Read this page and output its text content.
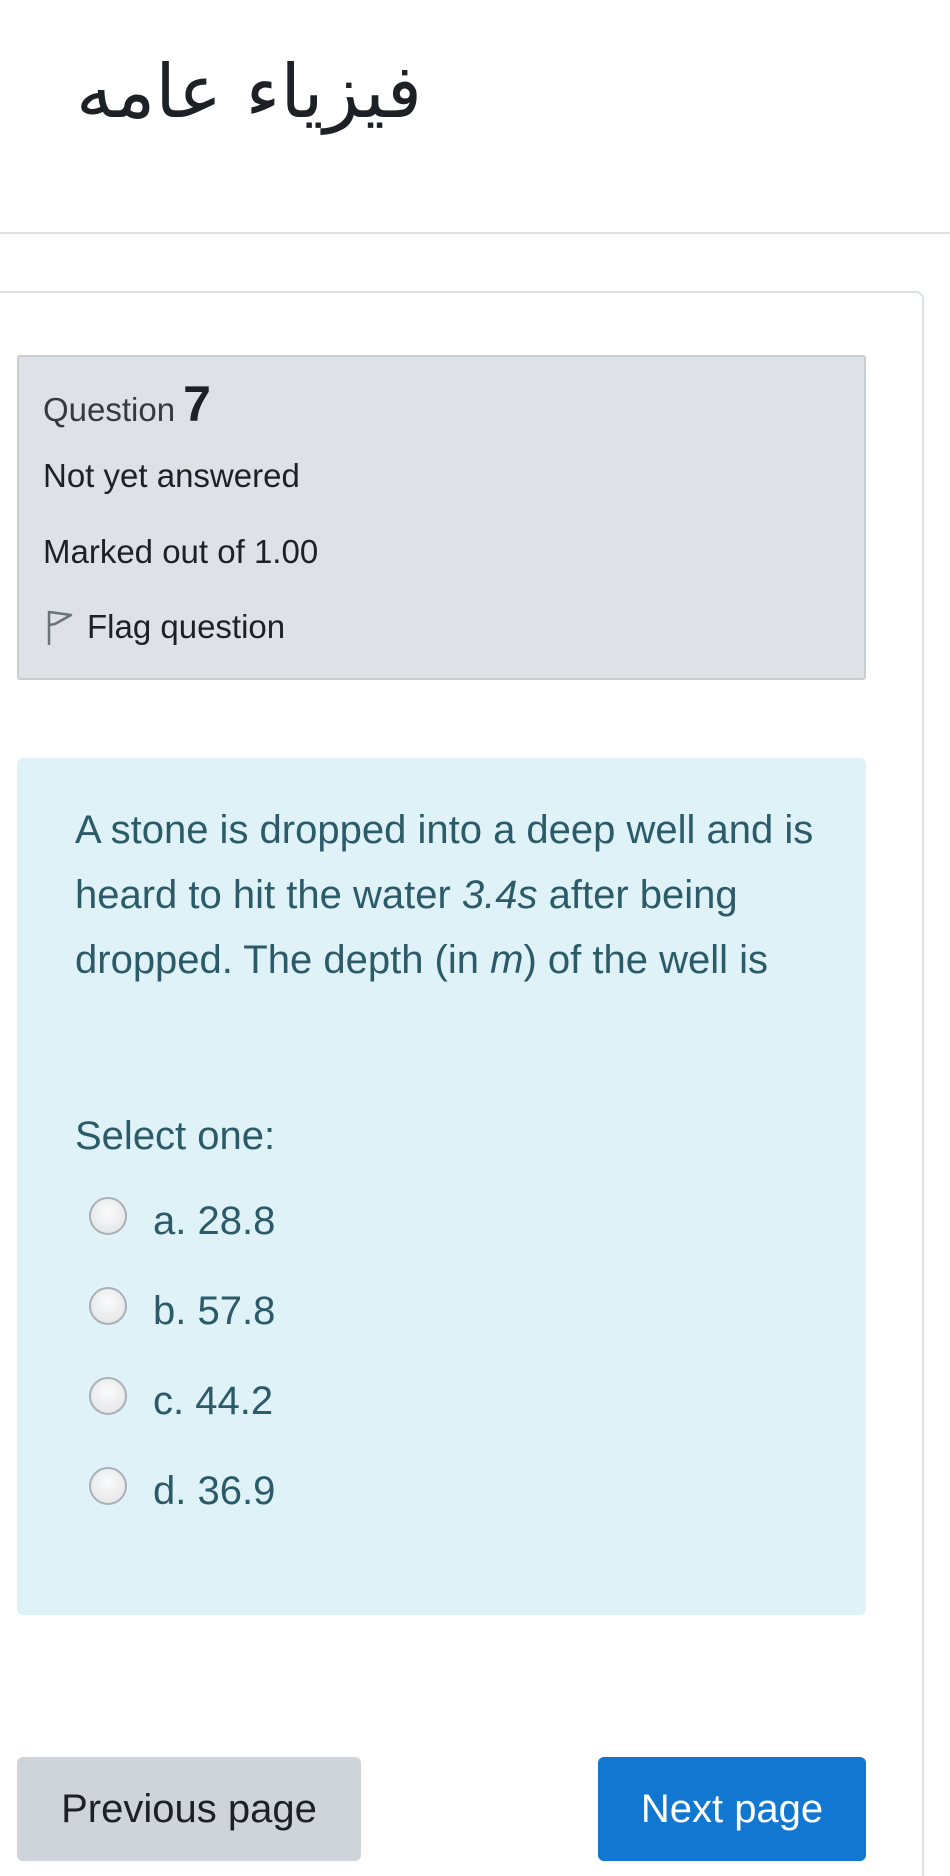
فيزياء عامه
Question 7
Not yet answered
Marked out of 1.00
Flag question

A stone is dropped into a deep well and is heard to hit the water 3.4s after being dropped. The depth (in m) of the well is

Select one:
a. 28.8
b. 57.8
c. 44.2
d. 36.9
Previous page	Next page
